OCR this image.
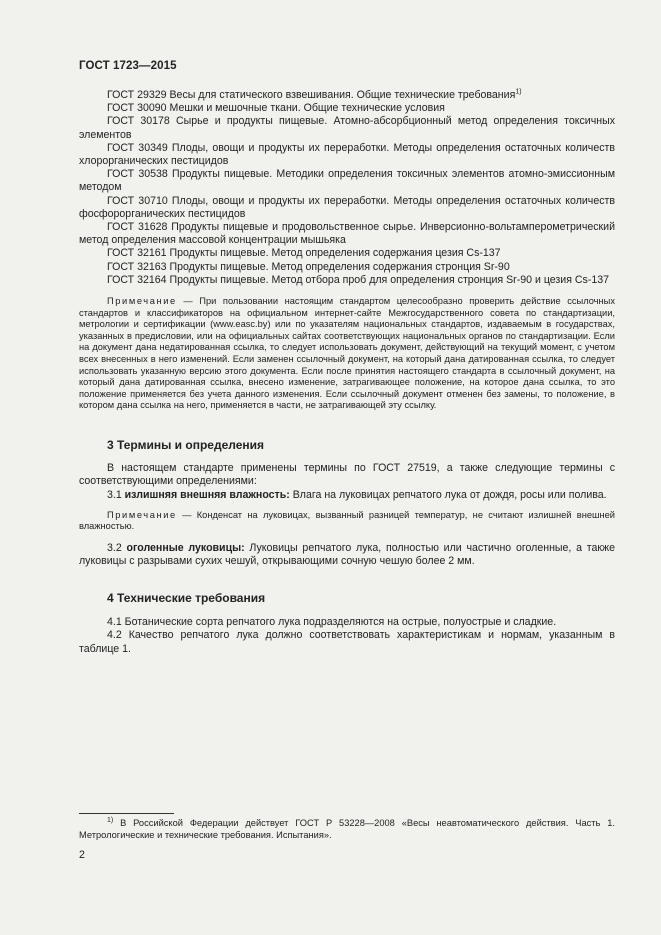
ГОСТ 1723—2015

ГОСТ 29329 Весы для статического взвешивания. Общие технические требования$^{1)}$

ГОСТ 30090 Мешки и мешочные ткани. Общие технические условия

ГОСТ 30178 Сырье и продукты пищевые. Атомно-абсорбционный метод определения токсичных элементов

ГОСТ 30349 Плоды, овощи и продукты их переработки. Методы определения остаточных количеств хлорорганических пестицидов

ГОСТ 30538 Продукты пищевые. Методики определения токсичных элементов атомно-эмиссионным методом

ГОСТ 30710 Плоды, овощи и продукты их переработки. Методы определения остаточных количеств фосфорорганических пестицидов

ГОСТ 31628 Продукты пищевые и продовольственное сырье. Инверсионно-вольтамперометрический метод определения массовой концентрации мышьяка

ГОСТ 32161 Продукты пищевые. Метод определения содержания цезия Cs-137

ГОСТ 32163 Продукты пищевые. Метод определения содержания стронция Sr-90

ГОСТ 32164 Продукты пищевые. Метод отбора проб для определения стронция Sr-90 и цезия Cs-137

Примечание — При пользовании настоящим стандартом целесообразно проверить действие ссылочных стандартов и классификаторов на официальном интернет-сайте Межгосударственного совета по стандартизации, метрологии и сертификации (www.easc.by) или по указателям национальных стандартов, издаваемым в государствах, указанных в предисловии, или на официальных сайтах соответствующих национальных органов по стандартизации. Если на документ дана недатированная ссылка, то следует использовать документ, действующий на текущий момент, с учетом всех внесенных в него изменений. Если заменен ссылочный документ, на который дана датированная ссылка, то следует использовать указанную версию этого документа. Если после принятия настоящего стандарта в ссылочный документ, на который дана датированная ссылка, внесено изменение, затрагивающее положение, на которое дана ссылка, то это положение применяется без учета данного изменения. Если ссылочный документ отменен без замены, то положение, в котором дана ссылка на него, применяется в части, не затрагивающей эту ссылку.

3 Термины и определения

В настоящем стандарте применены термины по ГОСТ 27519, а также следующие термины с соответствующими определениями:

3.1 излишняя внешняя влажность: Влага на луковицах репчатого лука от дождя, росы или полива.

Примечание — Конденсат на луковицах, вызванный разницей температур, не считают излишней внешней влажностью.

3.2 оголенные луковицы: Луковицы репчатого лука, полностью или частично оголенные, а также луковицы с разрывами сухих чешуй, открывающими сочную чешую более 2 мм.

4 Технические требования

4.1 Ботанические сорта репчатого лука подразделяются на острые, полуострые и сладкие.

4.2 Качество репчатого лука должно соответствовать характеристикам и нормам, указанным в таблице 1.

$^{1)}$ В Российской Федерации действует ГОСТ Р 53228—2008 «Весы неавтоматического действия. Часть 1. Метрологические и технические требования. Испытания».
2
